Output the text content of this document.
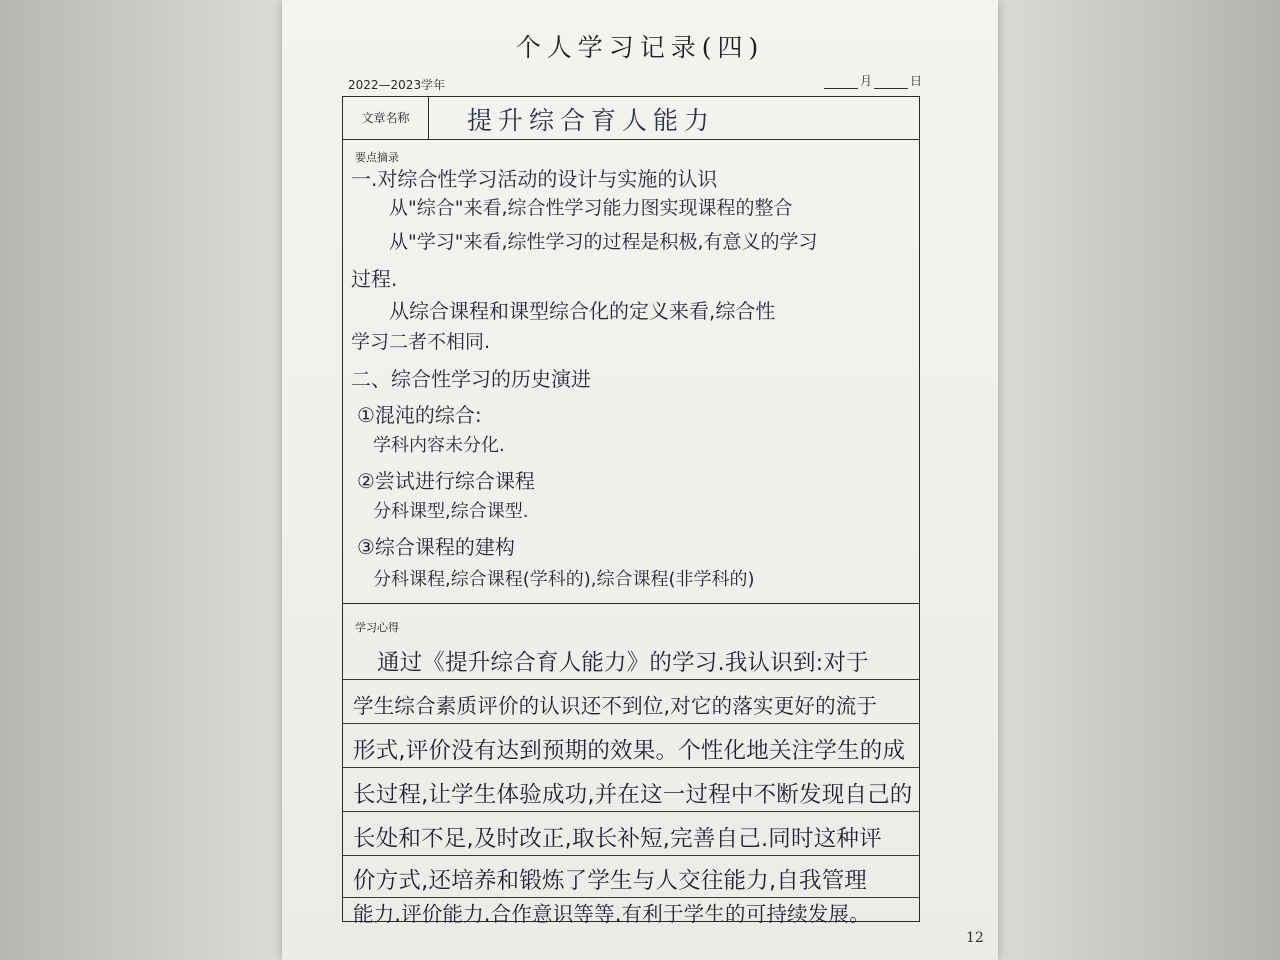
个人学习记录(四)
2022—2023学年	月	日
文章名称	提升综合育人能力
要点摘录
一.对综合性学习活动的设计与实施的认识
从"综合"来看,综合性学习能力图实现课程的整合
从"学习"来看,综性学习的过程是积极,有意义的学习
过程.
从综合课程和课型综合化的定义来看,综合性
学习二者不相同.
二、综合性学习的历史演进
①混沌的综合:
学科内容未分化.
②尝试进行综合课程
分科课型,综合课型.
③综合课程的建构
分科课程,综合课程(学科的),综合课程(非学科的)
学习心得
通过《提升综合育人能力》的学习.我认识到:对于
学生综合素质评价的认识还不到位,对它的落实更好的流于
形式,评价没有达到预期的效果。个性化地关注学生的成
长过程,让学生体验成功,并在这一过程中不断发现自己的
长处和不足,及时改正,取长补短,完善自己.同时这种评
价方式,还培养和锻炼了学生与人交往能力,自我管理
能力.评价能力.合作意识等等.有利于学生的可持续发展。
12
